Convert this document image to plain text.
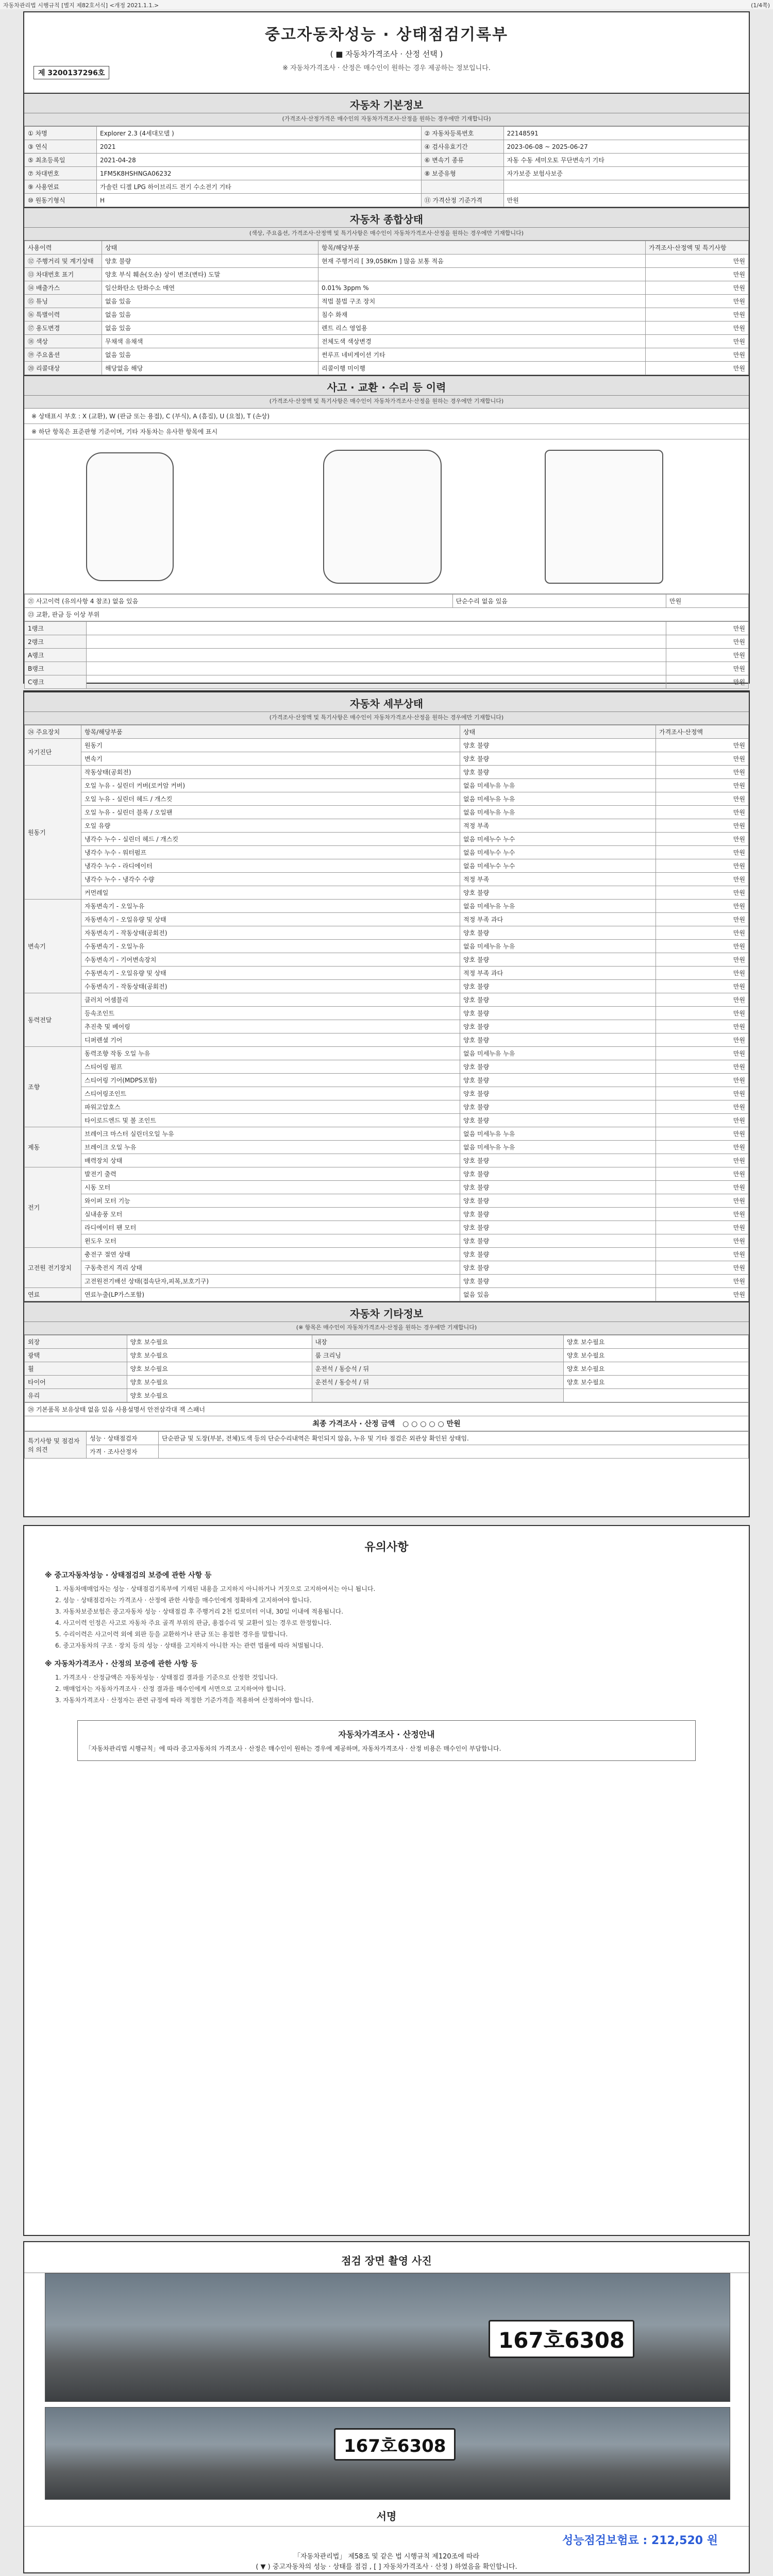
자동차관리법 시행규칙 [별지 제82호서식] <개정 2021.1.1.>	(1/4쪽)
중고자동차성능 · 상태점검기록부
( ■ 자동차가격조사 · 산정 선택 )
※ 자동차가격조사 · 산정은 매수인이 원하는 경우 제공하는 정보입니다.
제 3200137296호
자동차 기본정보
(가격조사·산정가격은 매수인의 자동차가격조사·산정을 원하는 경우에만 기재합니다)
① 차명	Explorer 2.3 (4세대모델 )	② 자동차등록번호	22148591
③ 연식	2021	④ 검사유효기간	2023-06-08 ~ 2025-06-27
⑤ 최초등록일	2021-04-28	⑥ 변속기 종류	자동 수동 세미오토 무단변속기 기타
⑦ 차대번호	1FM5K8HSHNGA06232	⑧ 보증유형	자가보증 보험사보증
⑨ 사용연료	가솔린 디젤 LPG 하이브리드 전기 수소전기 기타		
⑩ 원동기형식	H	⑪ 가격산정 기준가격	만원
자동차 종합상태
(색상, 주요옵션, 가격조사·산정액 및 특기사항은 매수인이 자동차가격조사·산정을 원하는 경우에만 기재합니다)
사용이력	상태	항목/해당부품	가격조사·산정액 및 특기사항
⑫ 주행거리 및 계기상태	양호 불량	현재 주행거리 [ 39,058Km ] 많음 보통 적음	만원
⑬ 차대번호 표기	양호 부식 훼손(오손) 상이 변조(변타) 도말		만원
⑭ 배출가스	일산화탄소 탄화수소 매연	0.01% 3ppm %	만원
⑮ 튜닝	없음 있음	적법 불법 구조 장치	만원
⑯ 특별이력	없음 있음	침수 화재	만원
⑰ 용도변경	없음 있음	렌트 리스 영업용	만원
⑱ 색상	무채색 유채색	전체도색 색상변경	만원
⑲ 주요옵션	없음 있음	썬루프 네비게이션 기타	만원
⑳ 리콜대상	해당없음 해당	리콜이행 미이행	만원
사고 · 교환 · 수리 등 이력
(가격조사·산정액 및 특기사항은 매수인이 자동차가격조사·산정을 원하는 경우에만 기재합니다)
※ 상태표시 부호 : X (교환), W (판금 또는 용접), C (부식), A (흠집), U (요철), T (손상)
※ 하단 항목은 표준판형 기준이며, 기타 자동차는 유사한 항목에 표시
㉑ 사고이력 (유의사항 4 참조) 없음 있음	단순수리 없음 있음	만원
㉓ 교환, 판금 등 이상 부위
1랭크		만원
2랭크		만원
A랭크		만원
B랭크		만원
C랭크		만원
자동차 세부상태
(가격조사·산정액 및 특기사항은 매수인이 자동차가격조사·산정을 원하는 경우에만 기재합니다)
㉔ 주요장치	항목/해당부품	상태	가격조사·산정액
자기진단	원동기	양호 불량	만원
	변속기	양호 불량	만원
원동기	작동상태(공회전)	양호 불량	만원
	오일 누유 - 실린더 커버(로커암 커버)	없음 미세누유 누유	만원
	오일 누유 - 실린더 헤드 / 개스킷	없음 미세누유 누유	만원
	오일 누유 - 실린더 블록 / 오일팬	없음 미세누유 누유	만원
	오일 유량	적정 부족	만원
	냉각수 누수 - 실린더 헤드 / 개스킷	없음 미세누수 누수	만원
	냉각수 누수 - 워터펌프	없음 미세누수 누수	만원
	냉각수 누수 - 라디에이터	없음 미세누수 누수	만원
	냉각수 누수 - 냉각수 수량	적정 부족	만원
	커먼레일	양호 불량	만원
변속기	자동변속기 - 오일누유	없음 미세누유 누유	만원
	자동변속기 - 오일유량 및 상태	적정 부족 과다	만원
	자동변속기 - 작동상태(공회전)	양호 불량	만원
	수동변속기 - 오일누유	없음 미세누유 누유	만원
	수동변속기 - 기어변속장치	양호 불량	만원
	수동변속기 - 오일유량 및 상태	적정 부족 과다	만원
	수동변속기 - 작동상태(공회전)	양호 불량	만원
동력전달	클러치 어셈블리	양호 불량	만원
	등속조인트	양호 불량	만원
	추진축 및 베어링	양호 불량	만원
	디퍼렌셜 기어	양호 불량	만원
조향	동력조향 작동 오일 누유	없음 미세누유 누유	만원
	스티어링 펌프	양호 불량	만원
	스티어링 기어(MDPS포함)	양호 불량	만원
	스티어링조인트	양호 불량	만원
	파워고압호스	양호 불량	만원
	타이로드엔드 및 볼 조인트	양호 불량	만원
제동	브레이크 마스터 실린더오일 누유	없음 미세누유 누유	만원
	브레이크 오일 누유	없음 미세누유 누유	만원
	배력장치 상태	양호 불량	만원
전기	발전기 출력	양호 불량	만원
	시동 모터	양호 불량	만원
	와이퍼 모터 기능	양호 불량	만원
	실내송풍 모터	양호 불량	만원
	라디에이터 팬 모터	양호 불량	만원
	윈도우 모터	양호 불량	만원
고전원 전기장치	충전구 절연 상태	양호 불량	만원
	구동축전지 격리 상태	양호 불량	만원
	고전원전기배선 상태(접속단자,피복,보호기구)	양호 불량	만원
연료	연료누출(LP가스포함)	없음 있음	만원
자동차 기타정보
(※ 항목은 매수인이 자동차가격조사·산정을 원하는 경우에만 기재합니다)
외장	양호 보수필요	내장	양호 보수필요
광택	양호 보수필요	룸 크리닝	양호 보수필요
휠	양호 보수필요	운전석 / 동승석 / 뒤	양호 보수필요
타이어	양호 보수필요	운전석 / 동승석 / 뒤	양호 보수필요
유리	양호 보수필요		
㉘ 기본품목 보유상태 없음 있음 사용설명서 안전삼각대 잭 스패너
최종 가격조사 · 산정 금액 ○ ○ ○ ○ ○ 만원
특기사항 및 점검자의 의견	성능 · 상태점검자	단순판금 및 도장(부분, 전체)도색 등의 단순수리내역은 확인되지 않음, 누유 및 기타 점검은 외관상 확인된 상태임.
	가격 · 조사산정자	
유의사항
※ 중고자동차성능 · 상태점검의 보증에 관한 사항 등
1. 자동차매매업자는 성능 · 상태점검기록부에 기재된 내용을 고지하지 아니하거나 거짓으로 고지하여서는 아니 됩니다.
2. 성능 · 상태점검자는 가격조사 · 산정에 관한 사항을 매수인에게 정확하게 고지하여야 합니다.
3. 자동차보증보험은 중고자동차 성능 · 상태점검 후 주행거리 2천 킬로미터 이내, 30일 이내에 적용됩니다.
4. 사고이력 인정은 사고로 자동차 주요 골격 부위의 판금, 용접수리 및 교환이 있는 경우로 한정합니다.
5. 수리이력은 사고이력 외에 외판 등을 교환하거나 판금 또는 용접한 경우를 말합니다.
6. 중고자동차의 구조 · 장치 등의 성능 · 상태를 고지하지 아니한 자는 관련 법률에 따라 처벌됩니다.
※ 자동차가격조사 · 산정의 보증에 관한 사항 등
1. 가격조사 · 산정금액은 자동차성능 · 상태점검 결과를 기준으로 산정한 것입니다.
2. 매매업자는 자동차가격조사 · 산정 결과를 매수인에게 서면으로 고지하여야 합니다.
3. 자동차가격조사 · 산정자는 관련 규정에 따라 적정한 기준가격을 적용하여 산정하여야 합니다.
자동차가격조사 · 산정안내
「자동차관리법 시행규칙」에 따라 중고자동차의 가격조사 · 산정은 매수인이 원하는 경우에 제공하며, 자동차가격조사 · 산정 비용은 매수인이 부담합니다.
점검 장면 촬영 사진
167호6308
167호6308
서명
성능점검보험료 : 212,520 원
「자동차관리법」 제58조 및 같은 법 시행규칙 제120조에 따라
( ▼ ) 중고자동차의 성능 · 상태를 점검 , [ ] 자동차가격조사 · 산정 ) 하였음을 확인합니다.
